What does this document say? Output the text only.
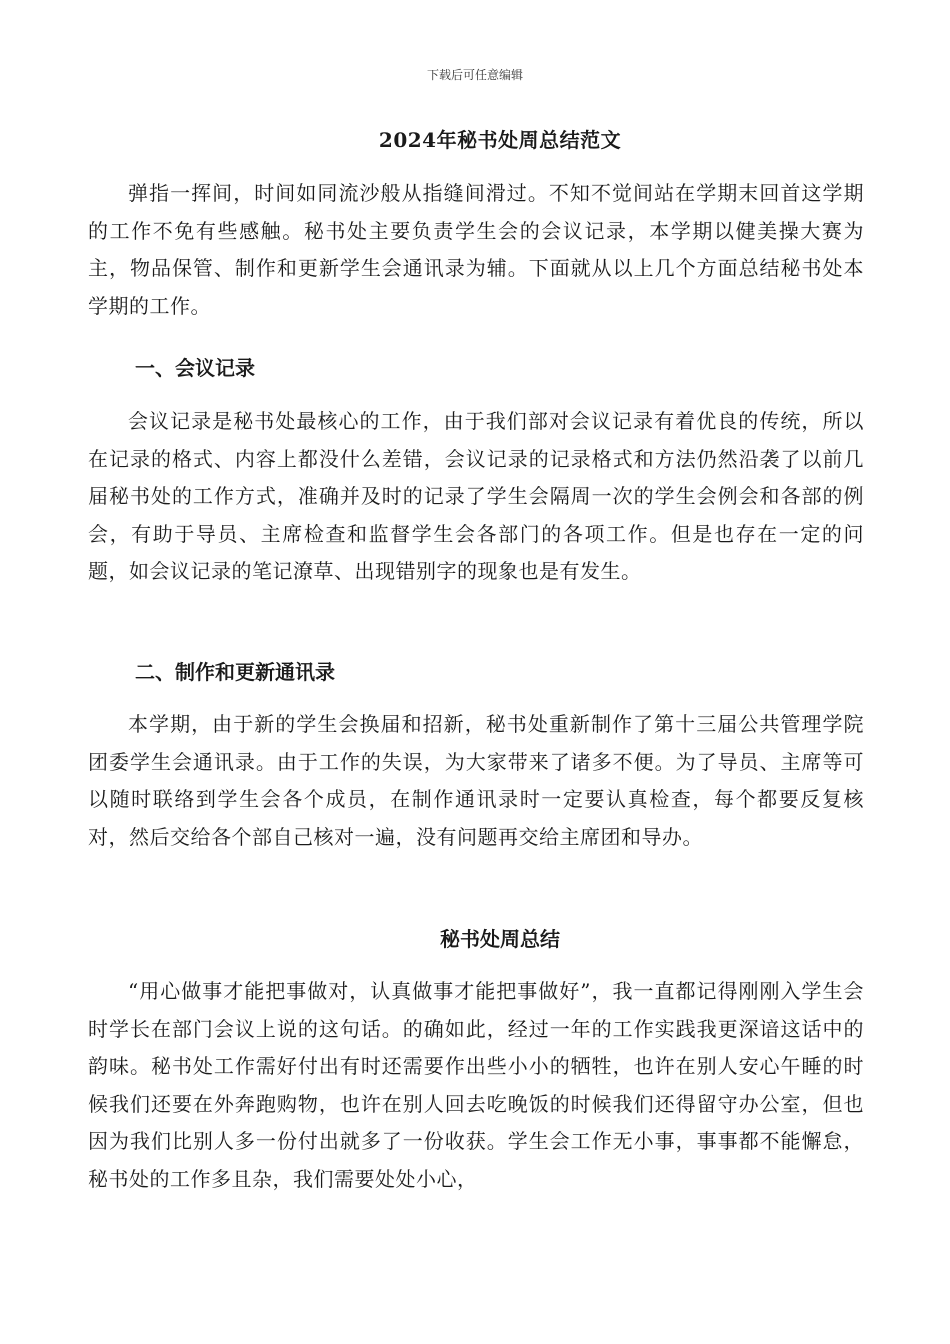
下载后可任意编辑
2024年秘书处周总结范文

弹指一挥间，时间如同流沙般从指缝间滑过。不知不觉间站在学期末回首这学期的工作不免有些感触。秘书处主要负责学生会的会议记录，本学期以健美操大赛为主，物品保管、制作和更新学生会通讯录为辅。下面就从以上几个方面总结秘书处本学期的工作。

一、会议记录

会议记录是秘书处最核心的工作，由于我们部对会议记录有着优良的传统，所以在记录的格式、内容上都没什么差错，会议记录的记录格式和方法仍然沿袭了以前几届秘书处的工作方式，准确并及时的记录了学生会隔周一次的学生会例会和各部的例会，有助于导员、主席检查和监督学生会各部门的各项工作。但是也存在一定的问题，如会议记录的笔记潦草、出现错别字的现象也是有发生。

二、制作和更新通讯录

本学期，由于新的学生会换届和招新，秘书处重新制作了第十三届公共管理学院团委学生会通讯录。由于工作的失误，为大家带来了诸多不便。为了导员、主席等可以随时联络到学生会各个成员，在制作通讯录时一定要认真检查，每个都要反复核对，然后交给各个部自己核对一遍，没有问题再交给主席团和导办。

秘书处周总结

“用心做事才能把事做对，认真做事才能把事做好”，我一直都记得刚刚入学生会时学长在部门会议上说的这句话。的确如此，经过一年的工作实践我更深谙这话中的韵味。秘书处工作需好付出有时还需要作出些小小的牺牲，也许在别人安心午睡的时候我们还要在外奔跑购物，也许在别人回去吃晚饭的时候我们还得留守办公室，但也因为我们比别人多一份付出就多了一份收获。学生会工作无小事，事事都不能懈怠，秘书处的工作多且杂，我们需要处处小心，
